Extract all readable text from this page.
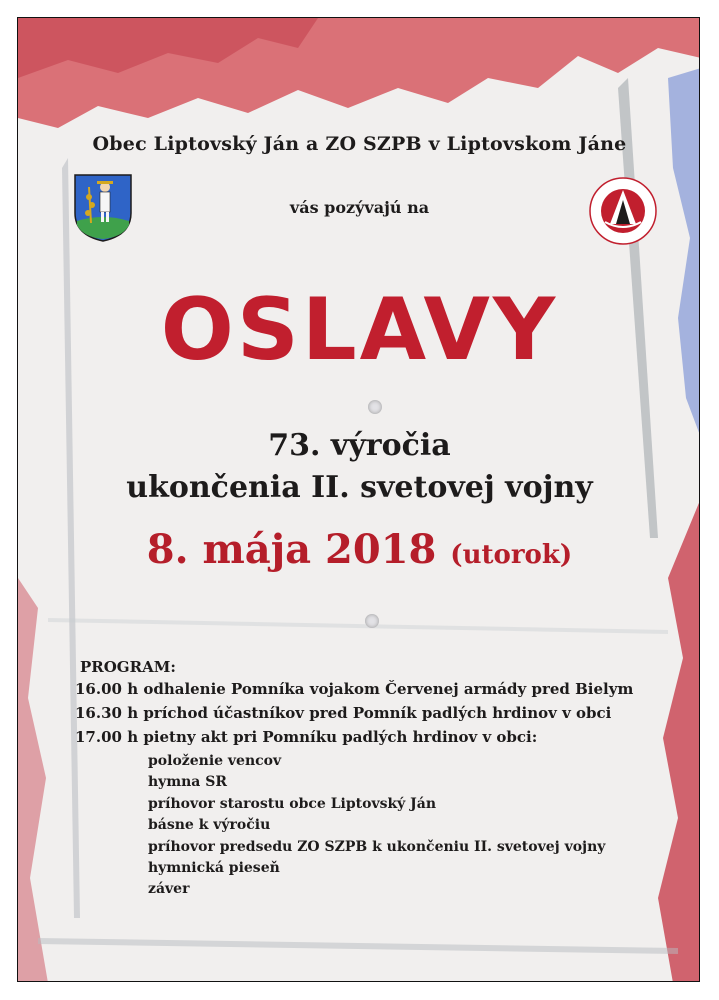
Obec Liptovský Ján a ZO SZPB v Liptovskom Jáne
vás pozývajú na
OSLAVY
73. výročia
ukončenia II. svetovej vojny
8. mája 2018 (utorok)
PROGRAM:
16.00 h odhalenie Pomníka vojakom Červenej armády pred Bielym
16.30 h príchod účastníkov pred Pomník padlých hrdinov v obci
17.00 h pietny akt pri Pomníku padlých hrdinov v obci:
položenie vencov
hymna SR
príhovor starostu obce Liptovský Ján
básne k výročiu
príhovor predsedu ZO SZPB k ukončeniu II. svetovej vojny
hymnická pieseň
záver
